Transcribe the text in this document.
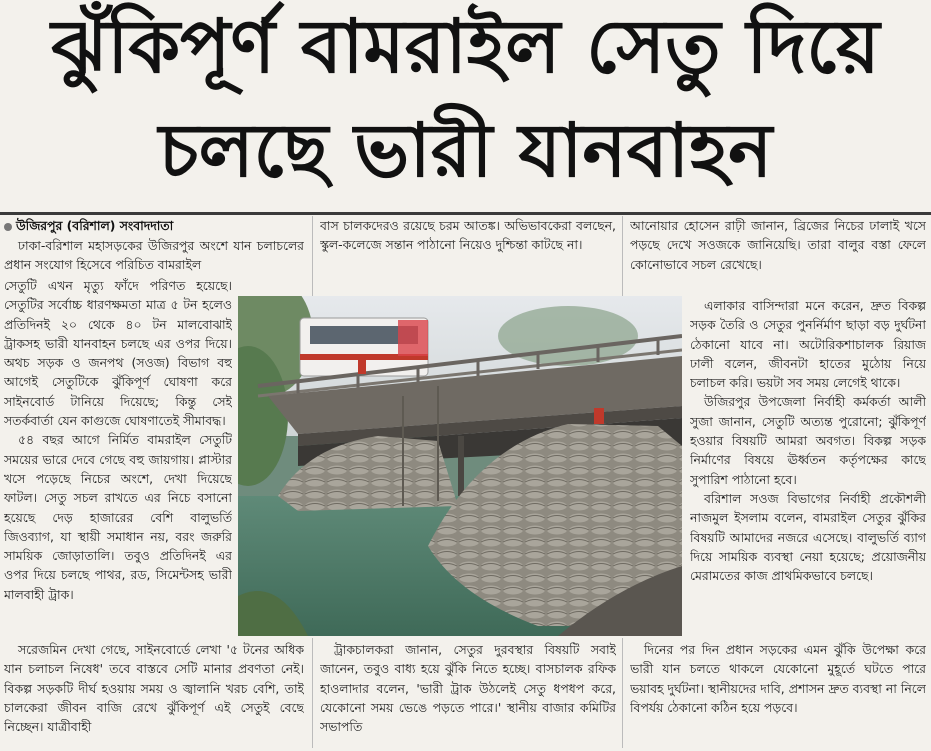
ঝুঁকিপূর্ণ বামরাইল সেতু দিয়ে
চলছে ভারী যানবাহন
উজিরপুর (বরিশাল) সংবাদদাতা

ঢাকা-বরিশাল মহাসড়কের উজিরপুর অংশে যান চলাচলের প্রধান সংযোগ হিসেবে পরিচিত বামরাইল

সেতুটি এখন মৃত্যু ফাঁদে পরিণত হয়েছে। সেতুটির সর্বোচ্চ ধারণক্ষমতা মাত্র ৫ টন হলেও প্রতিদিনই ২০ থেকে ৪০ টন মালবোঝাই ট্রাকসহ ভারী যানবাহন চলছে এর ওপর দিয়ে। অথচ সড়ক ও জনপথ (সওজ) বিভাগ বহু আগেই সেতুটিকে ঝুঁকিপূর্ণ ঘোষণা করে সাইনবোর্ড টানিয়ে দিয়েছে; কিন্তু সেই সতর্কবার্তা যেন কাগুজে ঘোষণাতেই সীমাবদ্ধ।

৫৪ বছর আগে নির্মিত বামরাইল সেতুটি সময়ের ভারে দেবে গেছে বহু জায়গায়। প্লাস্টার খসে পড়েছে নিচের অংশে, দেখা দিয়েছে ফাটল। সেতু সচল রাখতে এর নিচে বসানো হয়েছে দেড় হাজারের বেশি বালুভর্তি জিওব্যাগ, যা স্থায়ী সমাধান নয়, বরং জরুরি সাময়িক জোড়াতালি। তবুও প্রতিদিনই এর ওপর দিয়ে চলছে পাথর, রড, সিমেন্টসহ ভারী মালবাহী ট্রাক।

সরেজমিন দেখা গেছে, সাইনবোর্ডে লেখা '৫ টনের অধিক যান চলাচল নিষেধ' তবে বাস্তবে সেটি মানার প্রবণতা নেই। বিকল্প সড়কটি দীর্ঘ হওয়ায় সময় ও জ্বালানি খরচ বেশি, তাই চালকেরা জীবন বাজি রেখে ঝুঁকিপূর্ণ এই সেতুই বেছে নিচ্ছেন। যাত্রীবাহী

বাস চালকদেরও রয়েছে চরম আতঙ্ক। অভিভাবকেরা বলছেন, স্কুল-কলেজে সন্তান পাঠানো নিয়েও দুশ্চিন্তা কাটছে না।

ট্রাকচালকরা জানান, সেতুর দুরবস্থার বিষয়টি সবাই জানেন, তবুও বাধ্য হয়ে ঝুঁকি নিতে হচ্ছে। বাসচালক রফিক হাওলাদার বলেন, 'ভারী ট্রাক উঠলেই সেতু ধপধপ করে, যেকোনো সময় ভেঙে পড়তে পারে।' স্থানীয় বাজার কমিটির সভাপতি

আনোয়ার হোসেন রাঢ়ী জানান, ব্রিজের নিচের ঢালাই খসে পড়ছে দেখে সওজকে জানিয়েছি। তারা বালুর বস্তা ফেলে কোনোভাবে সচল রেখেছে।

এলাকার বাসিন্দারা মনে করেন, দ্রুত বিকল্প সড়ক তৈরি ও সেতুর পুনর্নির্মাণ ছাড়া বড় দুর্ঘটনা ঠেকানো যাবে না। অটোরিকশাচালক রিয়াজ ঢালী বলেন, জীবনটা হাতের মুঠোয় নিয়ে চলাচল করি। ভয়টা সব সময় লেগেই থাকে।

উজিরপুর উপজেলা নির্বাহী কর্মকর্তা আলী সুজা জানান, সেতুটি অত্যন্ত পুরোনো; ঝুঁকিপূর্ণ হওয়ার বিষয়টি আমরা অবগত। বিকল্প সড়ক নির্মাণের বিষয়ে ঊর্ধ্বতন কর্তৃপক্ষের কাছে সুপারিশ পাঠানো হবে।

বরিশাল সওজ বিভাগের নির্বাহী প্রকৌশলী নাজমুল ইসলাম বলেন, বামরাইল সেতুর ঝুঁকির বিষয়টি আমাদের নজরে এসেছে। বালুভর্তি ব্যাগ দিয়ে সাময়িক ব্যবস্থা নেয়া হয়েছে; প্রয়োজনীয় মেরামতের কাজ প্রাথমিকভাবে চলছে।

দিনের পর দিন প্রধান সড়কের এমন ঝুঁকি উপেক্ষা করে ভারী যান চলতে থাকলে যেকোনো মুহূর্তে ঘটতে পারে ভয়াবহ দুর্ঘটনা। স্থানীয়দের দাবি, প্রশাসন দ্রুত ব্যবস্থা না নিলে বিপর্যয় ঠেকানো কঠিন হয়ে পড়বে।
